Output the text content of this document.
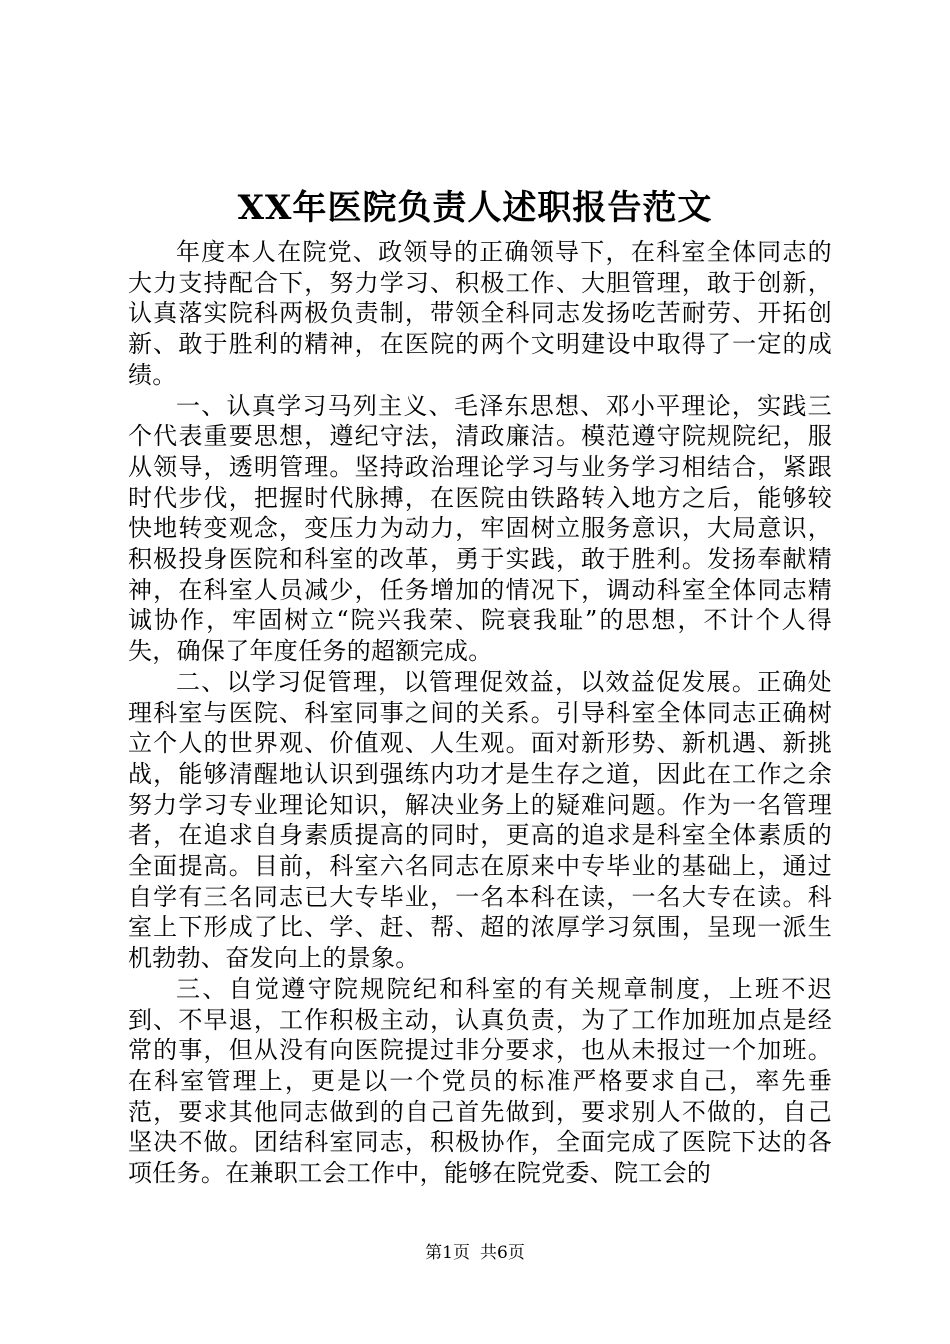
XX年医院负责人述职报告范文

年度本人在院党、政领导的正确领导下，在科室全体同志的大力支持配合下，努力学习、积极工作、大胆管理，敢于创新，认真落实院科两极负责制，带领全科同志发扬吃苦耐劳、开拓创新、敢于胜利的精神，在医院的两个文明建设中取得了一定的成绩。

一、认真学习马列主义、毛泽东思想、邓小平理论，实践三个代表重要思想，遵纪守法，清政廉洁。模范遵守院规院纪，服从领导，透明管理。坚持政治理论学习与业务学习相结合，紧跟时代步伐，把握时代脉搏，在医院由铁路转入地方之后，能够较快地转变观念，变压力为动力，牢固树立服务意识，大局意识，积极投身医院和科室的改革，勇于实践，敢于胜利。发扬奉献精神，在科室人员减少，任务增加的情况下，调动科室全体同志精诚协作，牢固树立“院兴我荣、院衰我耻”的思想，不计个人得失，确保了年度任务的超额完成。

二、以学习促管理，以管理促效益，以效益促发展。正确处理科室与医院、科室同事之间的关系。引导科室全体同志正确树立个人的世界观、价值观、人生观。面对新形势、新机遇、新挑战，能够清醒地认识到强练内功才是生存之道，因此在工作之余努力学习专业理论知识，解决业务上的疑难问题。作为一名管理者，在追求自身素质提高的同时，更高的追求是科室全体素质的全面提高。目前，科室六名同志在原来中专毕业的基础上，通过自学有三名同志已大专毕业，一名本科在读，一名大专在读。科室上下形成了比、学、赶、帮、超的浓厚学习氛围，呈现一派生机勃勃、奋发向上的景象。

三、自觉遵守院规院纪和科室的有关规章制度，上班不迟到、不早退，工作积极主动，认真负责，为了工作加班加点是经常的事，但从没有向医院提过非分要求，也从未报过一个加班。在科室管理上，更是以一个党员的标准严格要求自己，率先垂范，要求其他同志做到的自己首先做到，要求别人不做的，自己坚决不做。团结科室同志，积极协作，全面完成了医院下达的各项任务。在兼职工会工作中，能够在院党委、院工会的

第1页 共6页
